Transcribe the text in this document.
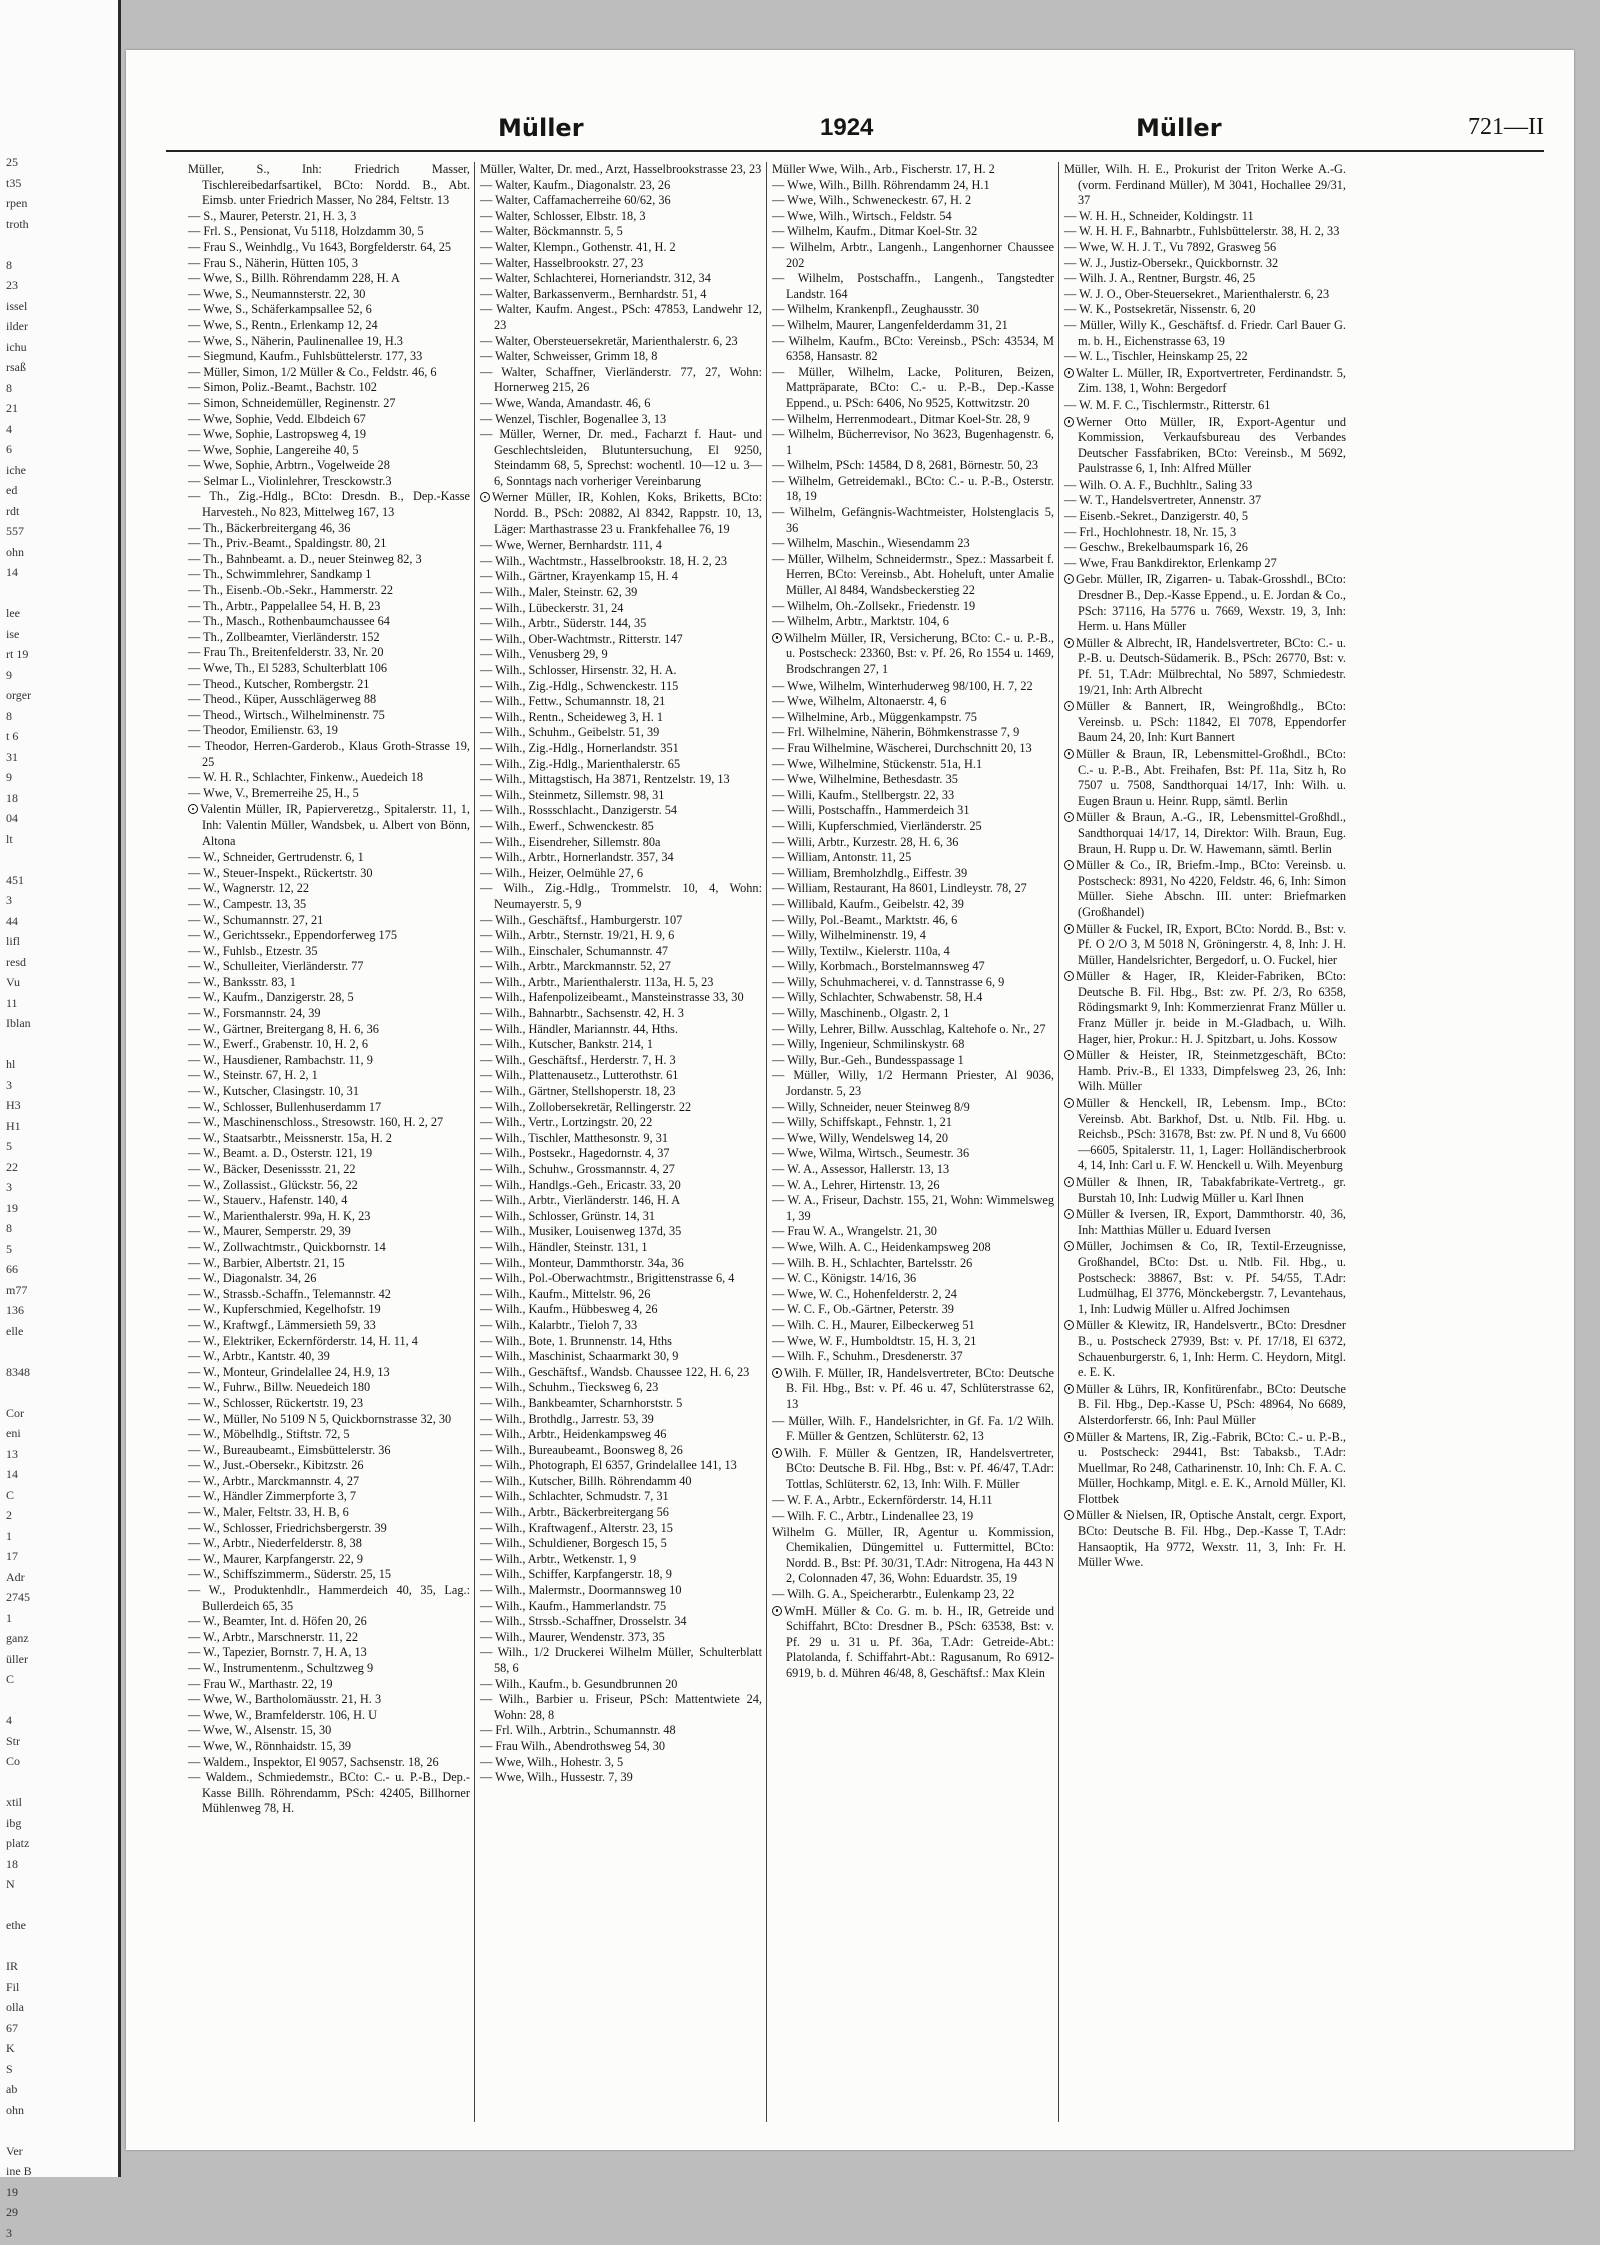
25
t35
rpen
troth
8
23
issel
ilder
ichu
rsaß
8
21
4
6
iche
ed
rdt
557
ohn
14
lee
ise
rt 19
9
orger
8
t 6
31
9
18
04
lt
451
3
44
lifl
resd
Vu
11
Iblan
hl
3
H3
H1
5
22
3
19
8
5
66
m77
136
elle
8348
Cor
eni
13
14
C
2
1
17
Adr
2745
1
ganz
üller
C
4
Str
Co
xtil
ibg
platz
18
N
ethe
IR
Fil
olla
67
K
S
ab
ohn
Ver
ine B
19
29
3
Müller	1924	Müller	721—II
Müller, S., Inh: Friedrich Masser, Tischlereibedarfsartikel, BCto: Nordd. B., Abt. Eimsb. unter Friedrich Masser, No 284, Feltstr. 13
— S., Maurer, Peterstr. 21, H. 3, 3
— Frl. S., Pensionat, Vu 5118, Holzdamm 30, 5
— Frau S., Weinhdlg., Vu 1643, Borgfelderstr. 64, 25
— Frau S., Näherin, Hütten 105, 3
— Wwe, S., Billh. Röhrendamm 228, H. A
— Wwe, S., Neumannsterstr. 22, 30
— Wwe, S., Schäferkampsallee 52, 6
— Wwe, S., Rentn., Erlenkamp 12, 24
— Wwe, S., Näherin, Paulinenallee 19, H.3
— Siegmund, Kaufm., Fuhlsbüttelerstr. 177, 33
— Müller, Simon, 1/2 Müller & Co., Feldstr. 46, 6
— Simon, Poliz.-Beamt., Bachstr. 102
— Simon, Schneidemüller, Reginenstr. 27
— Wwe, Sophie, Vedd. Elbdeich 67
— Wwe, Sophie, Lastropsweg 4, 19
— Wwe, Sophie, Langereihe 40, 5
— Wwe, Sophie, Arbtrn., Vogelweide 28
— Selmar L., Violinlehrer, Tresckowstr.3
— Th., Zig.-Hdlg., BCto: Dresdn. B., Dep.-Kasse Harvesteh., No 823, Mittelweg 167, 13
— Th., Bäckerbreitergang 46, 36
— Th., Priv.-Beamt., Spaldingstr. 80, 21
— Th., Bahnbeamt. a. D., neuer Steinweg 82, 3
— Th., Schwimmlehrer, Sandkamp 1
— Th., Eisenb.-Ob.-Sekr., Hammerstr. 22
— Th., Arbtr., Pappelallee 54, H. B, 23
— Th., Masch., Rothenbaumchaussee 64
— Th., Zollbeamter, Vierländerstr. 152
— Frau Th., Breitenfelderstr. 33, Nr. 20
— Wwe, Th., El 5283, Schulterblatt 106
— Theod., Kutscher, Rombergstr. 21
— Theod., Küper, Ausschlägerweg 88
— Theod., Wirtsch., Wilhelminenstr. 75
— Theodor, Emilienstr. 63, 19
— Theodor, Herren-Garderob., Klaus Groth-Strasse 19, 25
— W. H. R., Schlachter, Finkenw., Auedeich 18
— Wwe, V., Bremerreihe 25, H., 5
Valentin Müller, IR, Papierveretzg., Spitalerstr. 11, 1, Inh: Valentin Müller, Wandsbek, u. Albert von Bönn, Altona
— W., Schneider, Gertrudenstr. 6, 1
— W., Steuer-Inspekt., Rückertstr. 30
— W., Wagnerstr. 12, 22
— W., Campestr. 13, 35
— W., Schumannstr. 27, 21
— W., Gerichtssekr., Eppendorferweg 175
— W., Fuhlsb., Etzestr. 35
— W., Schulleiter, Vierländerstr. 77
— W., Banksstr. 83, 1
— W., Kaufm., Danzigerstr. 28, 5
— W., Forsmannstr. 24, 39
— W., Gärtner, Breitergang 8, H. 6, 36
— W., Ewerf., Grabenstr. 10, H. 2, 6
— W., Hausdiener, Rambachstr. 11, 9
— W., Steinstr. 67, H. 2, 1
— W., Kutscher, Clasingstr. 10, 31
— W., Schlosser, Bullenhuserdamm 17
— W., Maschinenschloss., Stresowstr. 160, H. 2, 27
— W., Staatsarbtr., Meissnerstr. 15a, H. 2
— W., Beamt. a. D., Osterstr. 121, 19
— W., Bäcker, Desenissstr. 21, 22
— W., Zollassist., Glückstr. 56, 22
— W., Stauerv., Hafenstr. 140, 4
— W., Marienthalerstr. 99a, H. K, 23
— W., Maurer, Semperstr. 29, 39
— W., Zollwachtmstr., Quickbornstr. 14
— W., Barbier, Albertstr. 21, 15
— W., Diagonalstr. 34, 26
— W., Strassb.-Schaffn., Telemannstr. 42
— W., Kupferschmied, Kegelhofstr. 19
— W., Kraftwgf., Lämmersieth 59, 33
— W., Elektriker, Eckernförderstr. 14, H. 11, 4
— W., Arbtr., Kantstr. 40, 39
— W., Monteur, Grindelallee 24, H.9, 13
— W., Fuhrw., Billw. Neuedeich 180
— W., Schlosser, Rückertstr. 19, 23
— W., Müller, No 5109 N 5, Quickbornstrasse 32, 30
— W., Möbelhdlg., Stiftstr. 72, 5
— W., Bureaubeamt., Eimsbüttelerstr. 36
— W., Just.-Obersekr., Kibitzstr. 26
— W., Arbtr., Marckmannstr. 4, 27
— W., Händler Zimmerpforte 3, 7
— W., Maler, Feltstr. 33, H. B, 6
— W., Schlosser, Friedrichsbergerstr. 39
— W., Arbtr., Niederfelderstr. 8, 38
— W., Maurer, Karpfangerstr. 22, 9
— W., Schiffszimmerm., Süderstr. 25, 15
— W., Produktenhdlr., Hammerdeich 40, 35, Lag.: Bullerdeich 65, 35
— W., Beamter, Int. d. Höfen 20, 26
— W., Arbtr., Marschnerstr. 11, 22
— W., Tapezier, Bornstr. 7, H. A, 13
— W., Instrumentenm., Schultzweg 9
— Frau W., Marthastr. 22, 19
— Wwe, W., Bartholomäusstr. 21, H. 3
— Wwe, W., Bramfelderstr. 106, H. U
— Wwe, W., Alsenstr. 15, 30
— Wwe, W., Rönnhaidstr. 15, 39
— Waldem., Inspektor, El 9057, Sachsenstr. 18, 26
— Waldem., Schmiedemstr., BCto: C.- u. P.-B., Dep.-Kasse Billh. Röhrendamm, PSch: 42405, Billhorner Mühlenweg 78, H.
Müller, Walter, Dr. med., Arzt, Hasselbrookstrasse 23, 23
— Walter, Kaufm., Diagonalstr. 23, 26
— Walter, Caffamacherreihe 60/62, 36
— Walter, Schlosser, Elbstr. 18, 3
— Walter, Böckmannstr. 5, 5
— Walter, Klempn., Gothenstr. 41, H. 2
— Walter, Hasselbrookstr. 27, 23
— Walter, Schlachterei, Horneriandstr. 312, 34
— Walter, Barkassenverm., Bernhardstr. 51, 4
— Walter, Kaufm. Angest., PSch: 47853, Landwehr 12, 23
— Walter, Obersteuersekretär, Marienthalerstr. 6, 23
— Walter, Schweisser, Grimm 18, 8
— Walter, Schaffner, Vierländerstr. 77, 27, Wohn: Hornerweg 215, 26
— Wwe, Wanda, Amandastr. 46, 6
— Wenzel, Tischler, Bogenallee 3, 13
— Müller, Werner, Dr. med., Facharzt f. Haut- und Geschlechtsleiden, Blutuntersuchung, El 9250, Steindamm 68, 5, Sprechst: wochentl. 10—12 u. 3—6, Sonntags nach vorheriger Vereinbarung
Werner Müller, IR, Kohlen, Koks, Briketts, BCto: Nordd. B., PSch: 20882, Al 8342, Rappstr. 10, 13, Läger: Marthastrasse 23 u. Frankfehallee 76, 19
— Wwe, Werner, Bernhardstr. 111, 4
— Wilh., Wachtmstr., Hasselbrookstr. 18, H. 2, 23
— Wilh., Gärtner, Krayenkamp 15, H. 4
— Wilh., Maler, Steinstr. 62, 39
— Wilh., Lübeckerstr. 31, 24
— Wilh., Arbtr., Süderstr. 144, 35
— Wilh., Ober-Wachtmstr., Ritterstr. 147
— Wilh., Venusberg 29, 9
— Wilh., Schlosser, Hirsenstr. 32, H. A.
— Wilh., Zig.-Hdlg., Schwenckestr. 115
— Wilh., Fettw., Schumannstr. 18, 21
— Wilh., Rentn., Scheideweg 3, H. 1
— Wilh., Schuhm., Geibelstr. 51, 39
— Wilh., Zig.-Hdlg., Hornerlandstr. 351
— Wilh., Zig.-Hdlg., Marienthalerstr. 65
— Wilh., Mittagstisch, Ha 3871, Rentzelstr. 19, 13
— Wilh., Steinmetz, Sillemstr. 98, 31
— Wilh., Rossschlacht., Danzigerstr. 54
— Wilh., Ewerf., Schwenckestr. 85
— Wilh., Eisendreher, Sillemstr. 80a
— Wilh., Arbtr., Hornerlandstr. 357, 34
— Wilh., Heizer, Oelmühle 27, 6
— Wilh., Zig.-Hdlg., Trommelstr. 10, 4, Wohn: Neumayerstr. 5, 9
— Wilh., Geschäftsf., Hamburgerstr. 107
— Wilh., Arbtr., Sternstr. 19/21, H. 9, 6
— Wilh., Einschaler, Schumannstr. 47
— Wilh., Arbtr., Marckmannstr. 52, 27
— Wilh., Arbtr., Marienthalerstr. 113a, H. 5, 23
— Wilh., Hafenpolizeibeamt., Mansteinstrasse 33, 30
— Wilh., Bahnarbtr., Sachsenstr. 42, H. 3
— Wilh., Händler, Mariannstr. 44, Hths.
— Wilh., Kutscher, Bankstr. 214, 1
— Wilh., Geschäftsf., Herderstr. 7, H. 3
— Wilh., Plattenausetz., Lutterothstr. 61
— Wilh., Gärtner, Stellshoperstr. 18, 23
— Wilh., Zollobersekretär, Rellingerstr. 22
— Wilh., Vertr., Lortzingstr. 20, 22
— Wilh., Tischler, Matthesonstr. 9, 31
— Wilh., Postsekr., Hagedornstr. 4, 37
— Wilh., Schuhw., Grossmannstr. 4, 27
— Wilh., Handlgs.-Geh., Ericastr. 33, 20
— Wilh., Arbtr., Vierländerstr. 146, H. A
— Wilh., Schlosser, Grünstr. 14, 31
— Wilh., Musiker, Louisenweg 137d, 35
— Wilh., Händler, Steinstr. 131, 1
— Wilh., Monteur, Dammthorstr. 34a, 36
— Wilh., Pol.-Oberwachtmstr., Brigittenstrasse 6, 4
— Wilh., Kaufm., Mittelstr. 96, 26
— Wilh., Kaufm., Hübbesweg 4, 26
— Wilh., Kalarbtr., Tieloh 7, 33
— Wilh., Bote, 1. Brunnenstr. 14, Hths
— Wilh., Maschinist, Schaarmarkt 30, 9
— Wilh., Geschäftsf., Wandsb. Chaussee 122, H. 6, 23
— Wilh., Schuhm., Tiecksweg 6, 23
— Wilh., Bankbeamter, Scharnhorststr. 5
— Wilh., Brothdlg., Jarrestr. 53, 39
— Wilh., Arbtr., Heidenkampsweg 46
— Wilh., Bureaubeamt., Boonsweg 8, 26
— Wilh., Photograph, El 6357, Grindelallee 141, 13
— Wilh., Kutscher, Billh. Röhrendamm 40
— Wilh., Schlachter, Schmudstr. 7, 31
— Wilh., Arbtr., Bäckerbreitergang 56
— Wilh., Kraftwagenf., Alterstr. 23, 15
— Wilh., Schuldiener, Borgesch 15, 5
— Wilh., Arbtr., Wetkenstr. 1, 9
— Wilh., Schiffer, Karpfangerstr. 18, 9
— Wilh., Malermstr., Doormannsweg 10
— Wilh., Kaufm., Hammerlandstr. 75
— Wilh., Strssb.-Schaffner, Drosselstr. 34
— Wilh., Maurer, Wendenstr. 373, 35
— Wilh., 1/2 Druckerei Wilhelm Müller, Schulterblatt 58, 6
— Wilh., Kaufm., b. Gesundbrunnen 20
— Wilh., Barbier u. Friseur, PSch: Mattentwiete 24, Wohn: 28, 8
— Frl. Wilh., Arbtrin., Schumannstr. 48
— Frau Wilh., Abendrothsweg 54, 30
— Wwe, Wilh., Hohestr. 3, 5
— Wwe, Wilh., Hussestr. 7, 39
Müller Wwe, Wilh., Arb., Fischerstr. 17, H. 2
— Wwe, Wilh., Billh. Röhrendamm 24, H.1
— Wwe, Wilh., Schweneckestr. 67, H. 2
— Wwe, Wilh., Wirtsch., Feldstr. 54
— Wilhelm, Kaufm., Ditmar Koel-Str. 32
— Wilhelm, Arbtr., Langenh., Langenhorner Chaussee 202
— Wilhelm, Postschaffn., Langenh., Tangstedter Landstr. 164
— Wilhelm, Krankenpfl., Zeughausstr. 30
— Wilhelm, Maurer, Langenfelderdamm 31, 21
— Wilhelm, Kaufm., BCto: Vereinsb., PSch: 43534, M 6358, Hansastr. 82
— Müller, Wilhelm, Lacke, Polituren, Beizen, Mattpräparate, BCto: C.- u. P.-B., Dep.-Kasse Eppend., u. PSch: 6406, No 9525, Kottwitzstr. 20
— Wilhelm, Herrenmodeart., Ditmar Koel-Str. 28, 9
— Wilhelm, Bücherrevisor, No 3623, Bugenhagenstr. 6, 1
— Wilhelm, PSch: 14584, D 8, 2681, Börnestr. 50, 23
— Wilhelm, Getreidemakl., BCto: C.- u. P.-B., Osterstr. 18, 19
— Wilhelm, Gefängnis-Wachtmeister, Holstenglacis 5, 36
— Wilhelm, Maschin., Wiesendamm 23
— Müller, Wilhelm, Schneidermstr., Spez.: Massarbeit f. Herren, BCto: Vereinsb., Abt. Hoheluft, unter Amalie Müller, Al 8484, Wandsbeckerstieg 22
— Wilhelm, Oh.-Zollsekr., Friedenstr. 19
— Wilhelm, Arbtr., Marktstr. 104, 6
Wilhelm Müller, IR, Versicherung, BCto: C.- u. P.-B., u. Postscheck: 23360, Bst: v. Pf. 26, Ro 1554 u. 1469, Brodschrangen 27, 1
— Wwe, Wilhelm, Winterhuderweg 98/100, H. 7, 22
— Wwe, Wilhelm, Altonaerstr. 4, 6
— Wilhelmine, Arb., Müggenkampstr. 75
— Frl. Wilhelmine, Näherin, Böhmkenstrasse 7, 9
— Frau Wilhelmine, Wäscherei, Durchschnitt 20, 13
— Wwe, Wilhelmine, Stückenstr. 51a, H.1
— Wwe, Wilhelmine, Bethesdastr. 35
— Willi, Kaufm., Stellbergstr. 22, 33
— Willi, Postschaffn., Hammerdeich 31
— Willi, Kupferschmied, Vierländerstr. 25
— Willi, Arbtr., Kurzestr. 28, H. 6, 36
— William, Antonstr. 11, 25
— William, Bremholzhdlg., Eiffestr. 39
— William, Restaurant, Ha 8601, Lindleystr. 78, 27
— Willibald, Kaufm., Geibelstr. 42, 39
— Willy, Pol.-Beamt., Marktstr. 46, 6
— Willy, Wilhelminenstr. 19, 4
— Willy, Textilw., Kielerstr. 110a, 4
— Willy, Korbmach., Borstelmannsweg 47
— Willy, Schuhmacherei, v. d. Tannstrasse 6, 9
— Willy, Schlachter, Schwabenstr. 58, H.4
— Willy, Maschinenb., Olgastr. 2, 1
— Willy, Lehrer, Billw. Ausschlag, Kaltehofe o. Nr., 27
— Willy, Ingenieur, Schmilinskystr. 68
— Willy, Bur.-Geh., Bundesspassage 1
— Müller, Willy, 1/2 Hermann Priester, Al 9036, Jordanstr. 5, 23
— Willy, Schneider, neuer Steinweg 8/9
— Willy, Schiffskapt., Fehnstr. 1, 21
— Wwe, Willy, Wendelsweg 14, 20
— Wwe, Wilma, Wirtsch., Seumestr. 36
— W. A., Assessor, Hallerstr. 13, 13
— W. A., Lehrer, Hirtenstr. 13, 26
— W. A., Friseur, Dachstr. 155, 21, Wohn: Wimmelsweg 1, 39
— Frau W. A., Wrangelstr. 21, 30
— Wwe, Wilh. A. C., Heidenkampsweg 208
— Wilh. B. H., Schlachter, Bartelsstr. 26
— W. C., Königstr. 14/16, 36
— Wwe, W. C., Hohenfelderstr. 2, 24
— W. C. F., Ob.-Gärtner, Peterstr. 39
— Wilh. C. H., Maurer, Eilbeckerweg 51
— Wwe, W. F., Humboldtstr. 15, H. 3, 21
— Wilh. F., Schuhm., Dresdenerstr. 37
Wilh. F. Müller, IR, Handelsvertreter, BCto: Deutsche B. Fil. Hbg., Bst: v. Pf. 46 u. 47, Schlüterstrasse 62, 13
— Müller, Wilh. F., Handelsrichter, in Gf. Fa. 1/2 Wilh. F. Müller & Gentzen, Schlüterstr. 62, 13
Wilh. F. Müller & Gentzen, IR, Handelsvertreter, BCto: Deutsche B. Fil. Hbg., Bst: v. Pf. 46/47, T.Adr: Tottlas, Schlüterstr. 62, 13, Inh: Wilh. F. Müller
— W. F. A., Arbtr., Eckernförderstr. 14, H.11
— Wilh. F. C., Arbtr., Lindenallee 23, 19
Wilhelm G. Müller, IR, Agentur u. Kommission, Chemikalien, Düngemittel u. Futtermittel, BCto: Nordd. B., Bst: Pf. 30/31, T.Adr: Nitrogena, Ha 443 N 2, Colonnaden 47, 36, Wohn: Eduardstr. 35, 19
— Wilh. G. A., Speicherarbtr., Eulenkamp 23, 22
WmH. Müller & Co. G. m. b. H., IR, Getreide und Schiffahrt, BCto: Dresdner B., PSch: 63538, Bst: v. Pf. 29 u. 31 u. Pf. 36a, T.Adr: Getreide-Abt.: Platolanda, f. Schiffahrt-Abt.: Ragusanum, Ro 6912-6919, b. d. Mühren 46/48, 8, Geschäftsf.: Max Klein
Müller, Wilh. H. E., Prokurist der Triton Werke A.-G. (vorm. Ferdinand Müller), M 3041, Hochallee 29/31, 37
— W. H. H., Schneider, Koldingstr. 11
— W. H. H. F., Bahnarbtr., Fuhlsbüttelerstr. 38, H. 2, 33
— Wwe, W. H. J. T., Vu 7892, Grasweg 56
— W. J., Justiz-Obersekr., Quickbornstr. 32
— Wilh. J. A., Rentner, Burgstr. 46, 25
— W. J. O., Ober-Steuersekret., Marienthalerstr. 6, 23
— W. K., Postsekretär, Nissenstr. 6, 20
— Müller, Willy K., Geschäftsf. d. Friedr. Carl Bauer G. m. b. H., Eichenstrasse 63, 19
— W. L., Tischler, Heinskamp 25, 22
Walter L. Müller, IR, Exportvertreter, Ferdinandstr. 5, Zim. 138, 1, Wohn: Bergedorf
— W. M. F. C., Tischlermstr., Ritterstr. 61
Werner Otto Müller, IR, Export-Agentur und Kommission, Verkaufsbureau des Verbandes Deutscher Fassfabriken, BCto: Vereinsb., M 5692, Paulstrasse 6, 1, Inh: Alfred Müller
— Wilh. O. A. F., Buchhltr., Saling 33
— W. T., Handelsvertreter, Annenstr. 37
— Eisenb.-Sekret., Danzigerstr. 40, 5
— Frl., Hochlohnestr. 18, Nr. 15, 3
— Geschw., Brekelbaumspark 16, 26
— Wwe, Frau Bankdirektor, Erlenkamp 27
Gebr. Müller, IR, Zigarren- u. Tabak-Grosshdl., BCto: Dresdner B., Dep.-Kasse Eppend., u. E. Jordan & Co., PSch: 37116, Ha 5776 u. 7669, Wexstr. 19, 3, Inh: Herm. u. Hans Müller
Müller & Albrecht, IR, Handelsvertreter, BCto: C.- u. P.-B. u. Deutsch-Südamerik. B., PSch: 26770, Bst: v. Pf. 51, T.Adr: Mülbrechtal, No 5897, Schmiedestr. 19/21, Inh: Arth Albrecht
Müller & Bannert, IR, Weingroßhdlg., BCto: Vereinsb. u. PSch: 11842, El 7078, Eppendorfer Baum 24, 20, Inh: Kurt Bannert
Müller & Braun, IR, Lebensmittel-Großhdl., BCto: C.- u. P.-B., Abt. Freihafen, Bst: Pf. 11a, Sitz h, Ro 7507 u. 7508, Sandthorquai 14/17, Inh: Wilh. u. Eugen Braun u. Heinr. Rupp, sämtl. Berlin
Müller & Braun, A.-G., IR, Lebensmittel-Großhdl., Sandthorquai 14/17, 14, Direktor: Wilh. Braun, Eug. Braun, H. Rupp u. Dr. W. Hawemann, sämtl. Berlin
Müller & Co., IR, Briefm.-Imp., BCto: Vereinsb. u. Postscheck: 8931, No 4220, Feldstr. 46, 6, Inh: Simon Müller. Siehe Abschn. III. unter: Briefmarken (Großhandel)
Müller & Fuckel, IR, Export, BCto: Nordd. B., Bst: v. Pf. O 2/O 3, M 5018 N, Gröningerstr. 4, 8, Inh: J. H. Müller, Handelsrichter, Bergedorf, u. O. Fuckel, hier
Müller & Hager, IR, Kleider-Fabriken, BCto: Deutsche B. Fil. Hbg., Bst: zw. Pf. 2/3, Ro 6358, Rödingsmarkt 9, Inh: Kommerzienrat Franz Müller u. Franz Müller jr. beide in M.-Gladbach, u. Wilh. Hager, hier, Prokur.: H. J. Spitzbart, u. Johs. Kossow
Müller & Heister, IR, Steinmetzgeschäft, BCto: Hamb. Priv.-B., El 1333, Dimpfelsweg 23, 26, Inh: Wilh. Müller
Müller & Henckell, IR, Lebensm. Imp., BCto: Vereinsb. Abt. Barkhof, Dst. u. Ntlb. Fil. Hbg. u. Reichsb., PSch: 31678, Bst: zw. Pf. N und 8, Vu 6600—6605, Spitalerstr. 11, 1, Lager: Holländischerbrook 4, 14, Inh: Carl u. F. W. Henckell u. Wilh. Meyenburg
Müller & Ihnen, IR, Tabakfabrikate-Vertretg., gr. Burstah 10, Inh: Ludwig Müller u. Karl Ihnen
Müller & Iversen, IR, Export, Dammthorstr. 40, 36, Inh: Matthias Müller u. Eduard Iversen
Müller, Jochimsen & Co, IR, Textil-Erzeugnisse, Großhandel, BCto: Dst. u. Ntlb. Fil. Hbg., u. Postscheck: 38867, Bst: v. Pf. 54/55, T.Adr: Ludmülhag, El 3776, Mönckebergstr. 7, Levantehaus, 1, Inh: Ludwig Müller u. Alfred Jochimsen
Müller & Klewitz, IR, Handelsvertr., BCto: Dresdner B., u. Postscheck 27939, Bst: v. Pf. 17/18, El 6372, Schauenburgerstr. 6, 1, Inh: Herm. C. Heydorn, Mitgl. e. E. K.
Müller & Lührs, IR, Konfitürenfabr., BCto: Deutsche B. Fil. Hbg., Dep.-Kasse U, PSch: 48964, No 6689, Alsterdorferstr. 66, Inh: Paul Müller
Müller & Martens, IR, Zig.-Fabrik, BCto: C.- u. P.-B., u. Postscheck: 29441, Bst: Tabaksb., T.Adr: Muellmar, Ro 248, Catharinenstr. 10, Inh: Ch. F. A. C. Müller, Hochkamp, Mitgl. e. E. K., Arnold Müller, Kl. Flottbek
Müller & Nielsen, IR, Optische Anstalt, cergr. Export, BCto: Deutsche B. Fil. Hbg., Dep.-Kasse T, T.Adr: Hansaoptik, Ha 9772, Wexstr. 11, 3, Inh: Fr. H. Müller Wwe.
